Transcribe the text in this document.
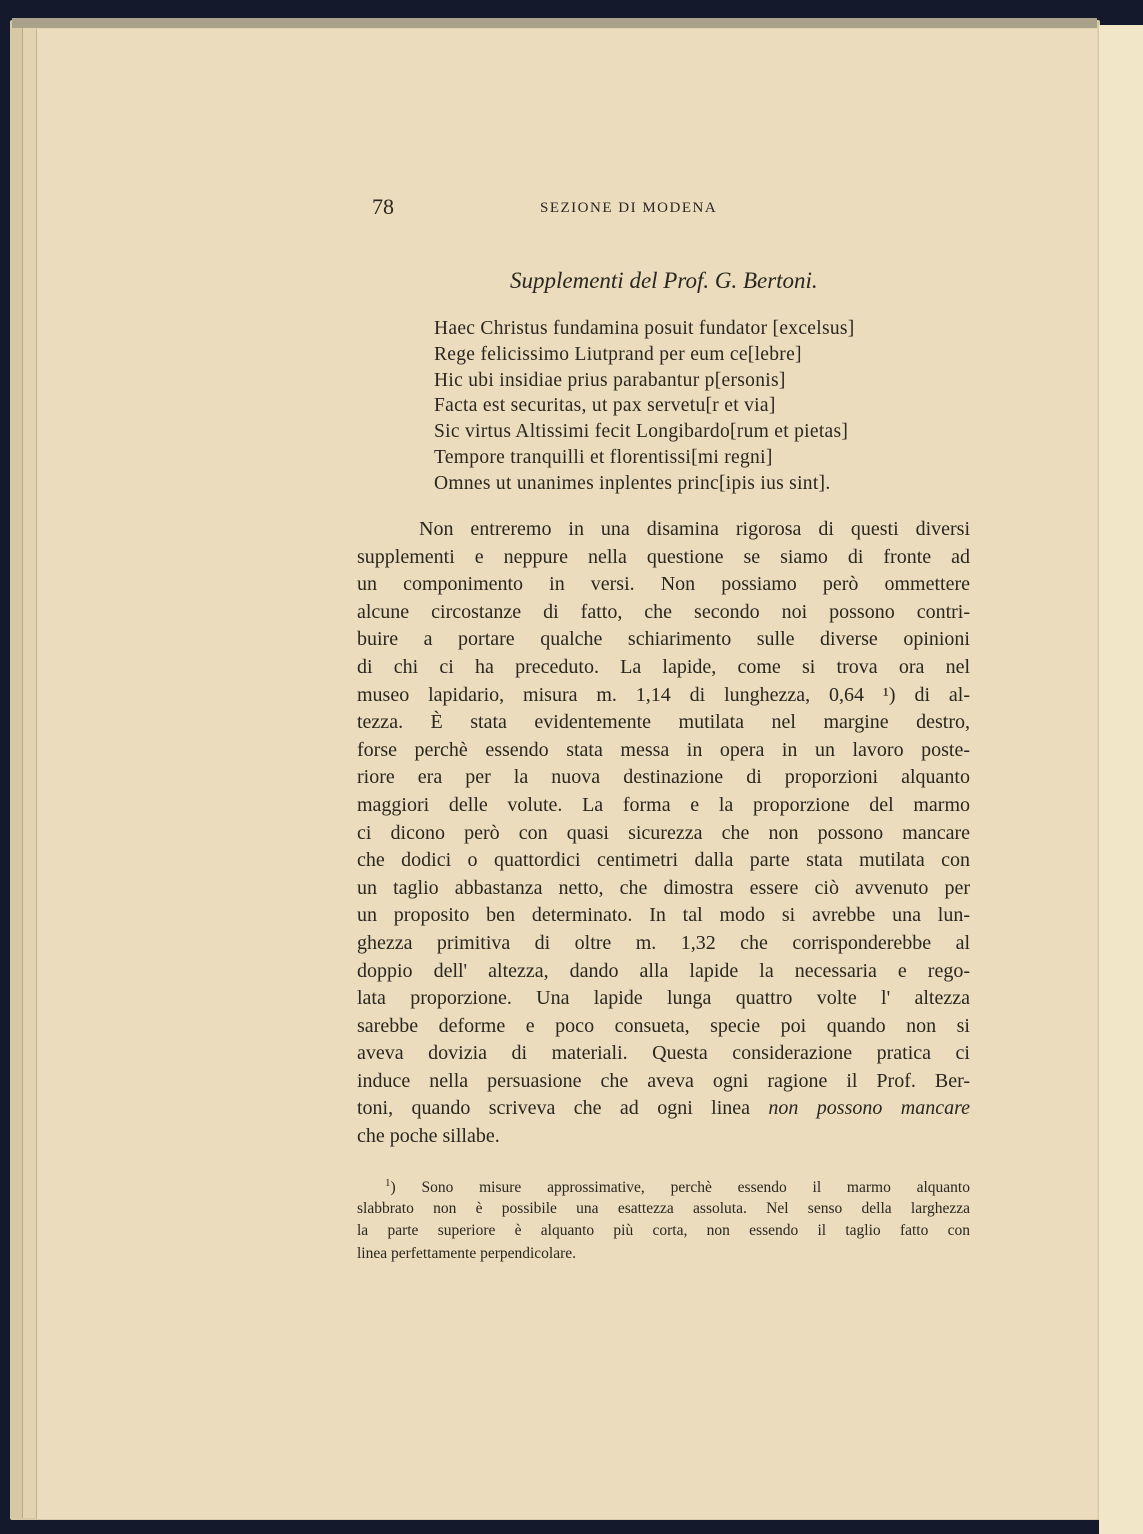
78	SEZIONE DI MODENA
Supplementi del Prof. G. Bertoni.
Haec Christus fundamina posuit fundator [excelsus]
Rege felicissimo Liutprand per eum ce[lebre]
Hic ubi insidiae prius parabantur p[ersonis]
Facta est securitas, ut pax servetu[r et via]
Sic virtus Altissimi fecit Longibardo[rum et pietas]
Tempore tranquilli et florentissi[mi regni]
Omnes ut unanimes inplentes princ[ipis ius sint].
Non entreremo in una disamina rigorosa di questi diversi
supplementi e neppure nella questione se siamo di fronte ad
un componimento in versi. Non possiamo però ommettere
alcune circostanze di fatto, che secondo noi possono contri-
buire a portare qualche schiarimento sulle diverse opinioni
di chi ci ha preceduto. La lapide, come si trova ora nel
museo lapidario, misura m. 1,14 di lunghezza, 0,64 ¹) di al-
tezza. È stata evidentemente mutilata nel margine destro,
forse perchè essendo stata messa in opera in un lavoro poste-
riore era per la nuova destinazione di proporzioni alquanto
maggiori delle volute. La forma e la proporzione del marmo
ci dicono però con quasi sicurezza che non possono mancare
che dodici o quattordici centimetri dalla parte stata mutilata con
un taglio abbastanza netto, che dimostra essere ciò avvenuto per
un proposito ben determinato. In tal modo si avrebbe una lun-
ghezza primitiva di oltre m. 1,32 che corrisponderebbe al
doppio dell' altezza, dando alla lapide la necessaria e rego-
lata proporzione. Una lapide lunga quattro volte l' altezza
sarebbe deforme e poco consueta, specie poi quando non si
aveva dovizia di materiali. Questa considerazione pratica ci
induce nella persuasione che aveva ogni ragione il Prof. Ber-
toni, quando scriveva che ad ogni linea non possono mancare
che poche sillabe.
$^1$) Sono misure approssimative, perchè essendo il marmo alquanto
slabbrato non è possibile una esattezza assoluta. Nel senso della larghezza
la parte superiore è alquanto più corta, non essendo il taglio fatto con
linea perfettamente perpendicolare.
